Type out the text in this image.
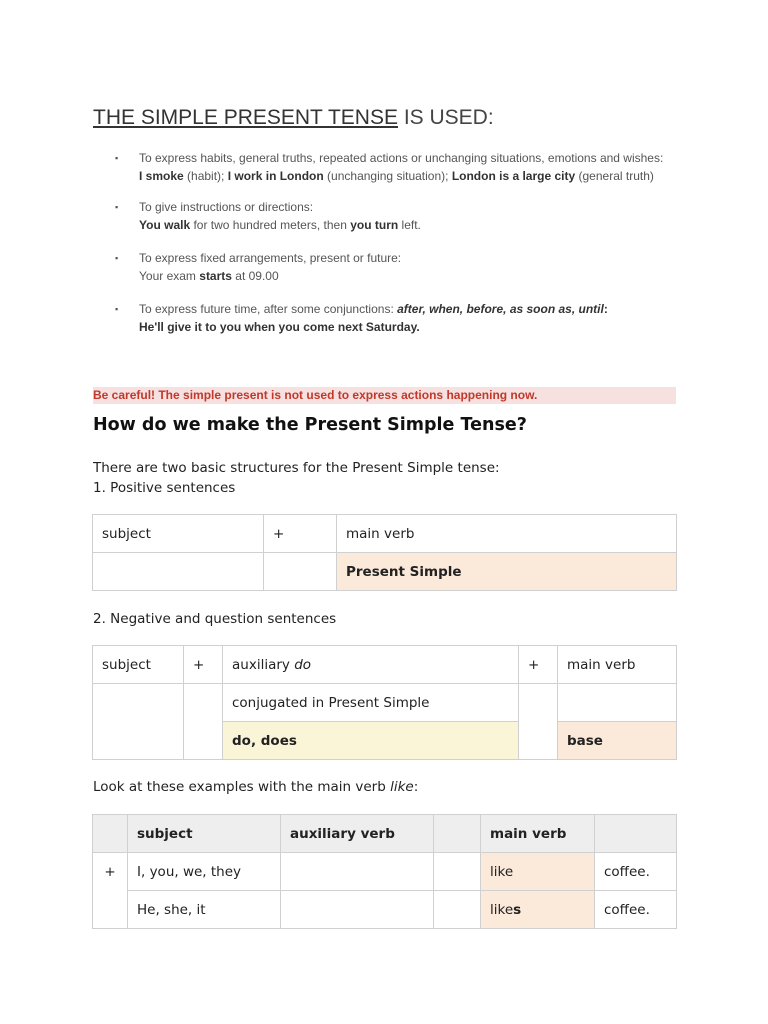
THE SIMPLE PRESENT TENSE IS USED:
▪ To express habits, general truths, repeated actions or unchanging situations, emotions and wishes:
I smoke (habit); I work in London (unchanging situation); London is a large city (general truth)
▪ To give instructions or directions:
You walk for two hundred meters, then you turn left.
▪ To express fixed arrangements, present or future:
Your exam starts at 09.00
▪ To express future time, after some conjunctions: after, when, before, as soon as, until:
He'll give it to you when you come next Saturday.
Be careful! The simple present is not used to express actions happening now.
How do we make the Present Simple Tense?
There are two basic structures for the Present Simple tense:
1. Positive sentences
subject	+	main verb
		Present Simple
2. Negative and question sentences
subject	+	auxiliary do	+	main verb
		conjugated in Present Simple		
		do, does		base
Look at these examples with the main verb like:
	subject	auxiliary verb		main verb	
+	I, you, we, they			like	coffee.
	He, she, it			likes	coffee.
